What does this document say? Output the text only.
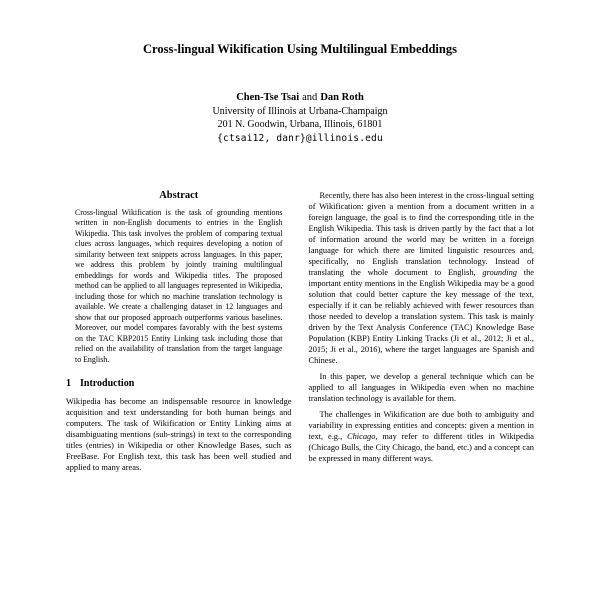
Cross-lingual Wikification Using Multilingual Embeddings
Chen-Tse Tsai and Dan Roth
University of Illinois at Urbana-Champaign
201 N. Goodwin, Urbana, Illinois, 61801
{ctsai12, danr}@illinois.edu
Abstract

Cross-lingual Wikification is the task of grounding mentions written in non-English documents to entries in the English Wikipedia. This task involves the problem of comparing textual clues across languages, which requires developing a notion of similarity between text snippets across languages. In this paper, we address this problem by jointly training multilingual embeddings for words and Wikipedia titles. The proposed method can be applied to all languages represented in Wikipedia, including those for which no machine translation technology is available. We create a challenging dataset in 12 languages and show that our proposed approach outperforms various baselines. Moreover, our model compares favorably with the best systems on the TAC KBP2015 Entity Linking task including those that relied on the availability of translation from the target language to English.

1 Introduction

Wikipedia has become an indispensable resource in knowledge acquisition and text understanding for both human beings and computers. The task of Wikification or Entity Linking aims at disambiguating mentions (sub-strings) in text to the corresponding titles (entries) in Wikipedia or other Knowledge Bases, such as FreeBase. For English text, this task has been well studied and applied to many areas.

Recently, there has also been interest in the cross-lingual setting of Wikification: given a mention from a document written in a foreign language, the goal is to find the corresponding title in the English Wikipedia. This task is driven partly by the fact that a lot of information around the world may be written in a foreign language for which there are limited linguistic resources and, specifically, no English translation technology. Instead of translating the whole document to English, grounding the important entity mentions in the English Wikipedia may be a good solution that could better capture the key message of the text, especially if it can be reliably achieved with fewer resources than those needed to develop a translation system. This task is mainly driven by the Text Analysis Conference (TAC) Knowledge Base Population (KBP) Entity Linking Tracks (Ji et al., 2012; Ji et al., 2015; Ji et al., 2016), where the target languages are Spanish and Chinese.

In this paper, we develop a general technique which can be applied to all languages in Wikipedia even when no machine translation technology is available for them.

The challenges in Wikification are due both to ambiguity and variability in expressing entities and concepts: given a mention in text, e.g., Chicago, may refer to different titles in Wikipedia (Chicago Bulls, the City Chicago, the band, etc.) and a concept can be expressed in many different ways.
